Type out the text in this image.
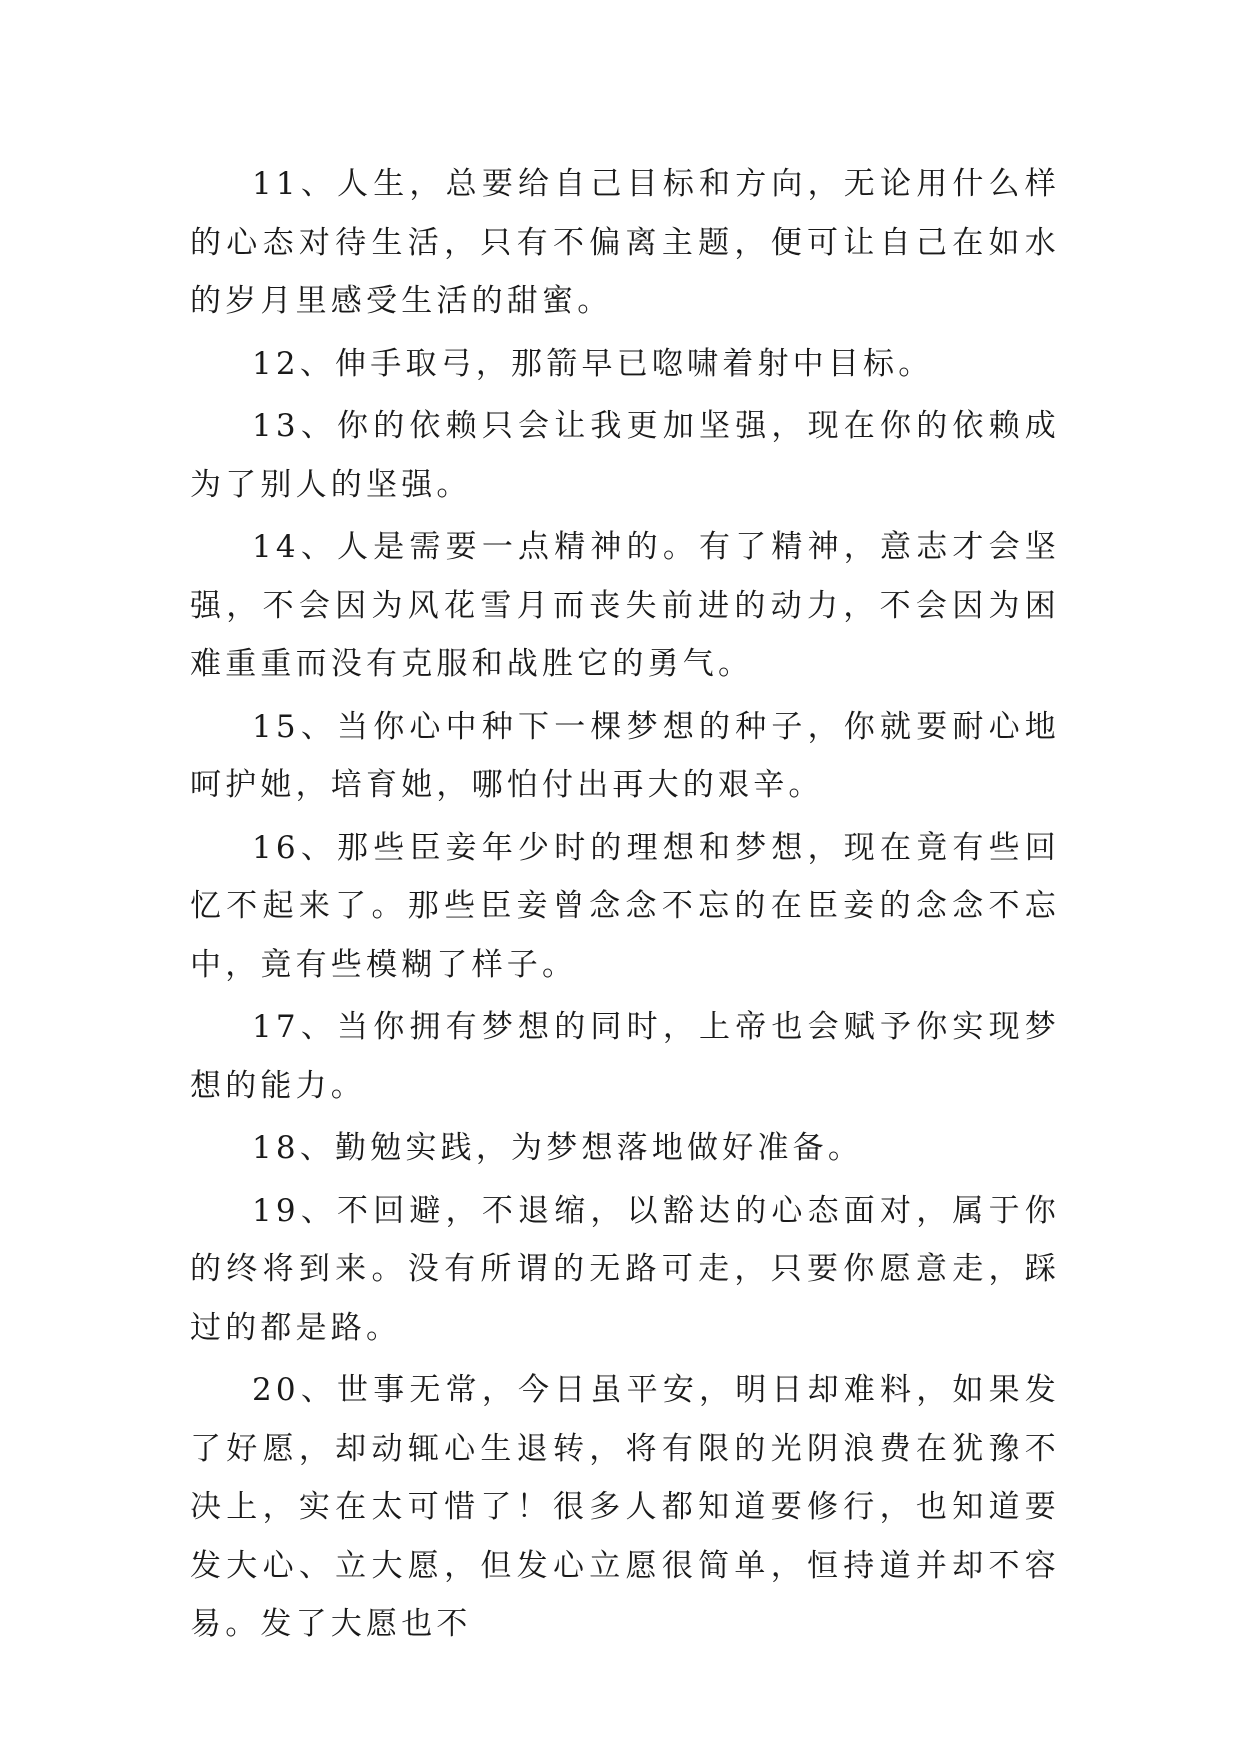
11、人生，总要给自己目标和方向，无论用什么样的心态对待生活，只有不偏离主题，便可让自己在如水的岁月里感受生活的甜蜜。

12、伸手取弓，那箭早已唿啸着射中目标。

13、你的依赖只会让我更加坚强，现在你的依赖成为了别人的坚强。

14、人是需要一点精神的。有了精神，意志才会坚强，不会因为风花雪月而丧失前进的动力，不会因为困难重重而没有克服和战胜它的勇气。

15、当你心中种下一棵梦想的种子，你就要耐心地呵护她，培育她，哪怕付出再大的艰辛。

16、那些臣妾年少时的理想和梦想，现在竟有些回忆不起来了。那些臣妾曾念念不忘的在臣妾的念念不忘中，竟有些模糊了样子。

17、当你拥有梦想的同时，上帝也会赋予你实现梦想的能力。

18、勤勉实践，为梦想落地做好准备。

19、不回避，不退缩，以豁达的心态面对，属于你的终将到来。没有所谓的无路可走，只要你愿意走，踩过的都是路。

20、世事无常，今日虽平安，明日却难料，如果发了好愿，却动辄心生退转，将有限的光阴浪费在犹豫不决上，实在太可惜了！很多人都知道要修行，也知道要发大心、立大愿，但发心立愿很简单，恒持道并却不容易。发了大愿也不
